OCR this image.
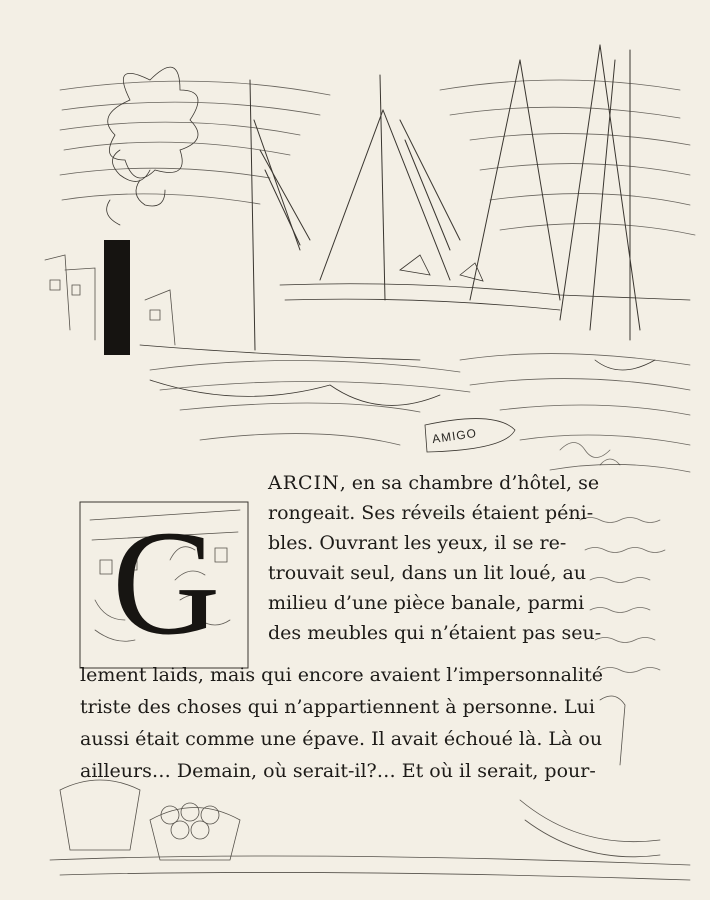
AMIGO
G
ARCIN, en sa chambre d’hôtel, se
rongeait. Ses réveils étaient péni-
bles. Ouvrant les yeux, il se re-
trouvait seul, dans un lit loué, au
milieu d’une pièce banale, parmi
des meubles qui n’étaient pas seu-
lement laids, mais qui encore avaient l’impersonnalité
triste des choses qui n’appartiennent à personne. Lui
aussi était comme une épave. Il avait échoué là. Là ou
ailleurs… Demain, où serait-il?… Et où il serait, pour-
